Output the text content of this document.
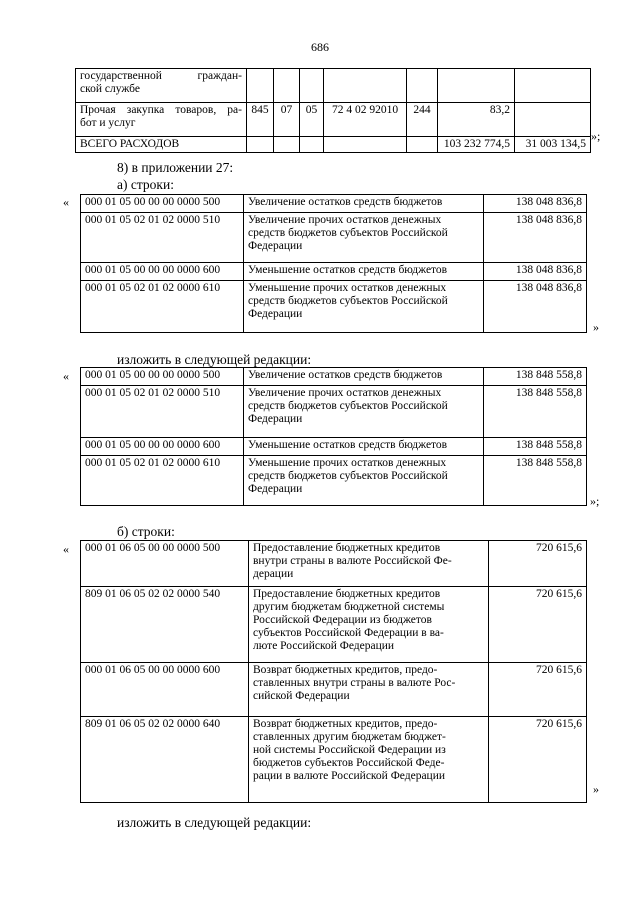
686
государственной граждан-
ской службе							

Прочая закупка товаров, ра-
бот и услуг	845	07	05	72 4 02 92010	244	83,2	

ВСЕГО РАСХОДОВ						103 232 774,5	31 003 134,5
»;
8) в приложении 27:
а) строки:
« 000 01 05 00 00 00 0000 500	Увеличение остатков средств бюджетов	138 048 836,8
000 01 05 02 01 02 0000 510	Увеличение прочих остатков денежных
средств бюджетов субъектов Российской
Федерации	138 048 836,8
000 01 05 00 00 00 0000 600	Уменьшение остатков средств бюджетов	138 048 836,8
000 01 05 02 01 02 0000 610	Уменьшение прочих остатков денежных
средств бюджетов субъектов Российской
Федерации	138 048 836,8
»
изложить в следующей редакции:
« 000 01 05 00 00 00 0000 500	Увеличение остатков средств бюджетов	138 848 558,8
000 01 05 02 01 02 0000 510	Увеличение прочих остатков денежных
средств бюджетов субъектов Российской
Федерации	138 848 558,8
000 01 05 00 00 00 0000 600	Уменьшение остатков средств бюджетов	138 848 558,8
000 01 05 02 01 02 0000 610	Уменьшение прочих остатков денежных
средств бюджетов субъектов Российской
Федерации	138 848 558,8
»;
б) строки:
« 000 01 06 05 00 00 0000 500	Предоставление бюджетных кредитов
внутри страны в валюте Российской Фе-
дерации	720 615,6
809 01 06 05 02 02 0000 540	Предоставление бюджетных кредитов
другим бюджетам бюджетной системы
Российской Федерации из бюджетов
субъектов Российской Федерации в ва-
люте Российской Федерации	720 615,6
000 01 06 05 00 00 0000 600	Возврат бюджетных кредитов, предо-
ставленных внутри страны в валюте Рос-
сийской Федерации	720 615,6
809 01 06 05 02 02 0000 640	Возврат бюджетных кредитов, предо-
ставленных другим бюджетам бюджет-
ной системы Российской Федерации из
бюджетов субъектов Российской Феде-
рации в валюте Российской Федерации	720 615,6
»
изложить в следующей редакции:
